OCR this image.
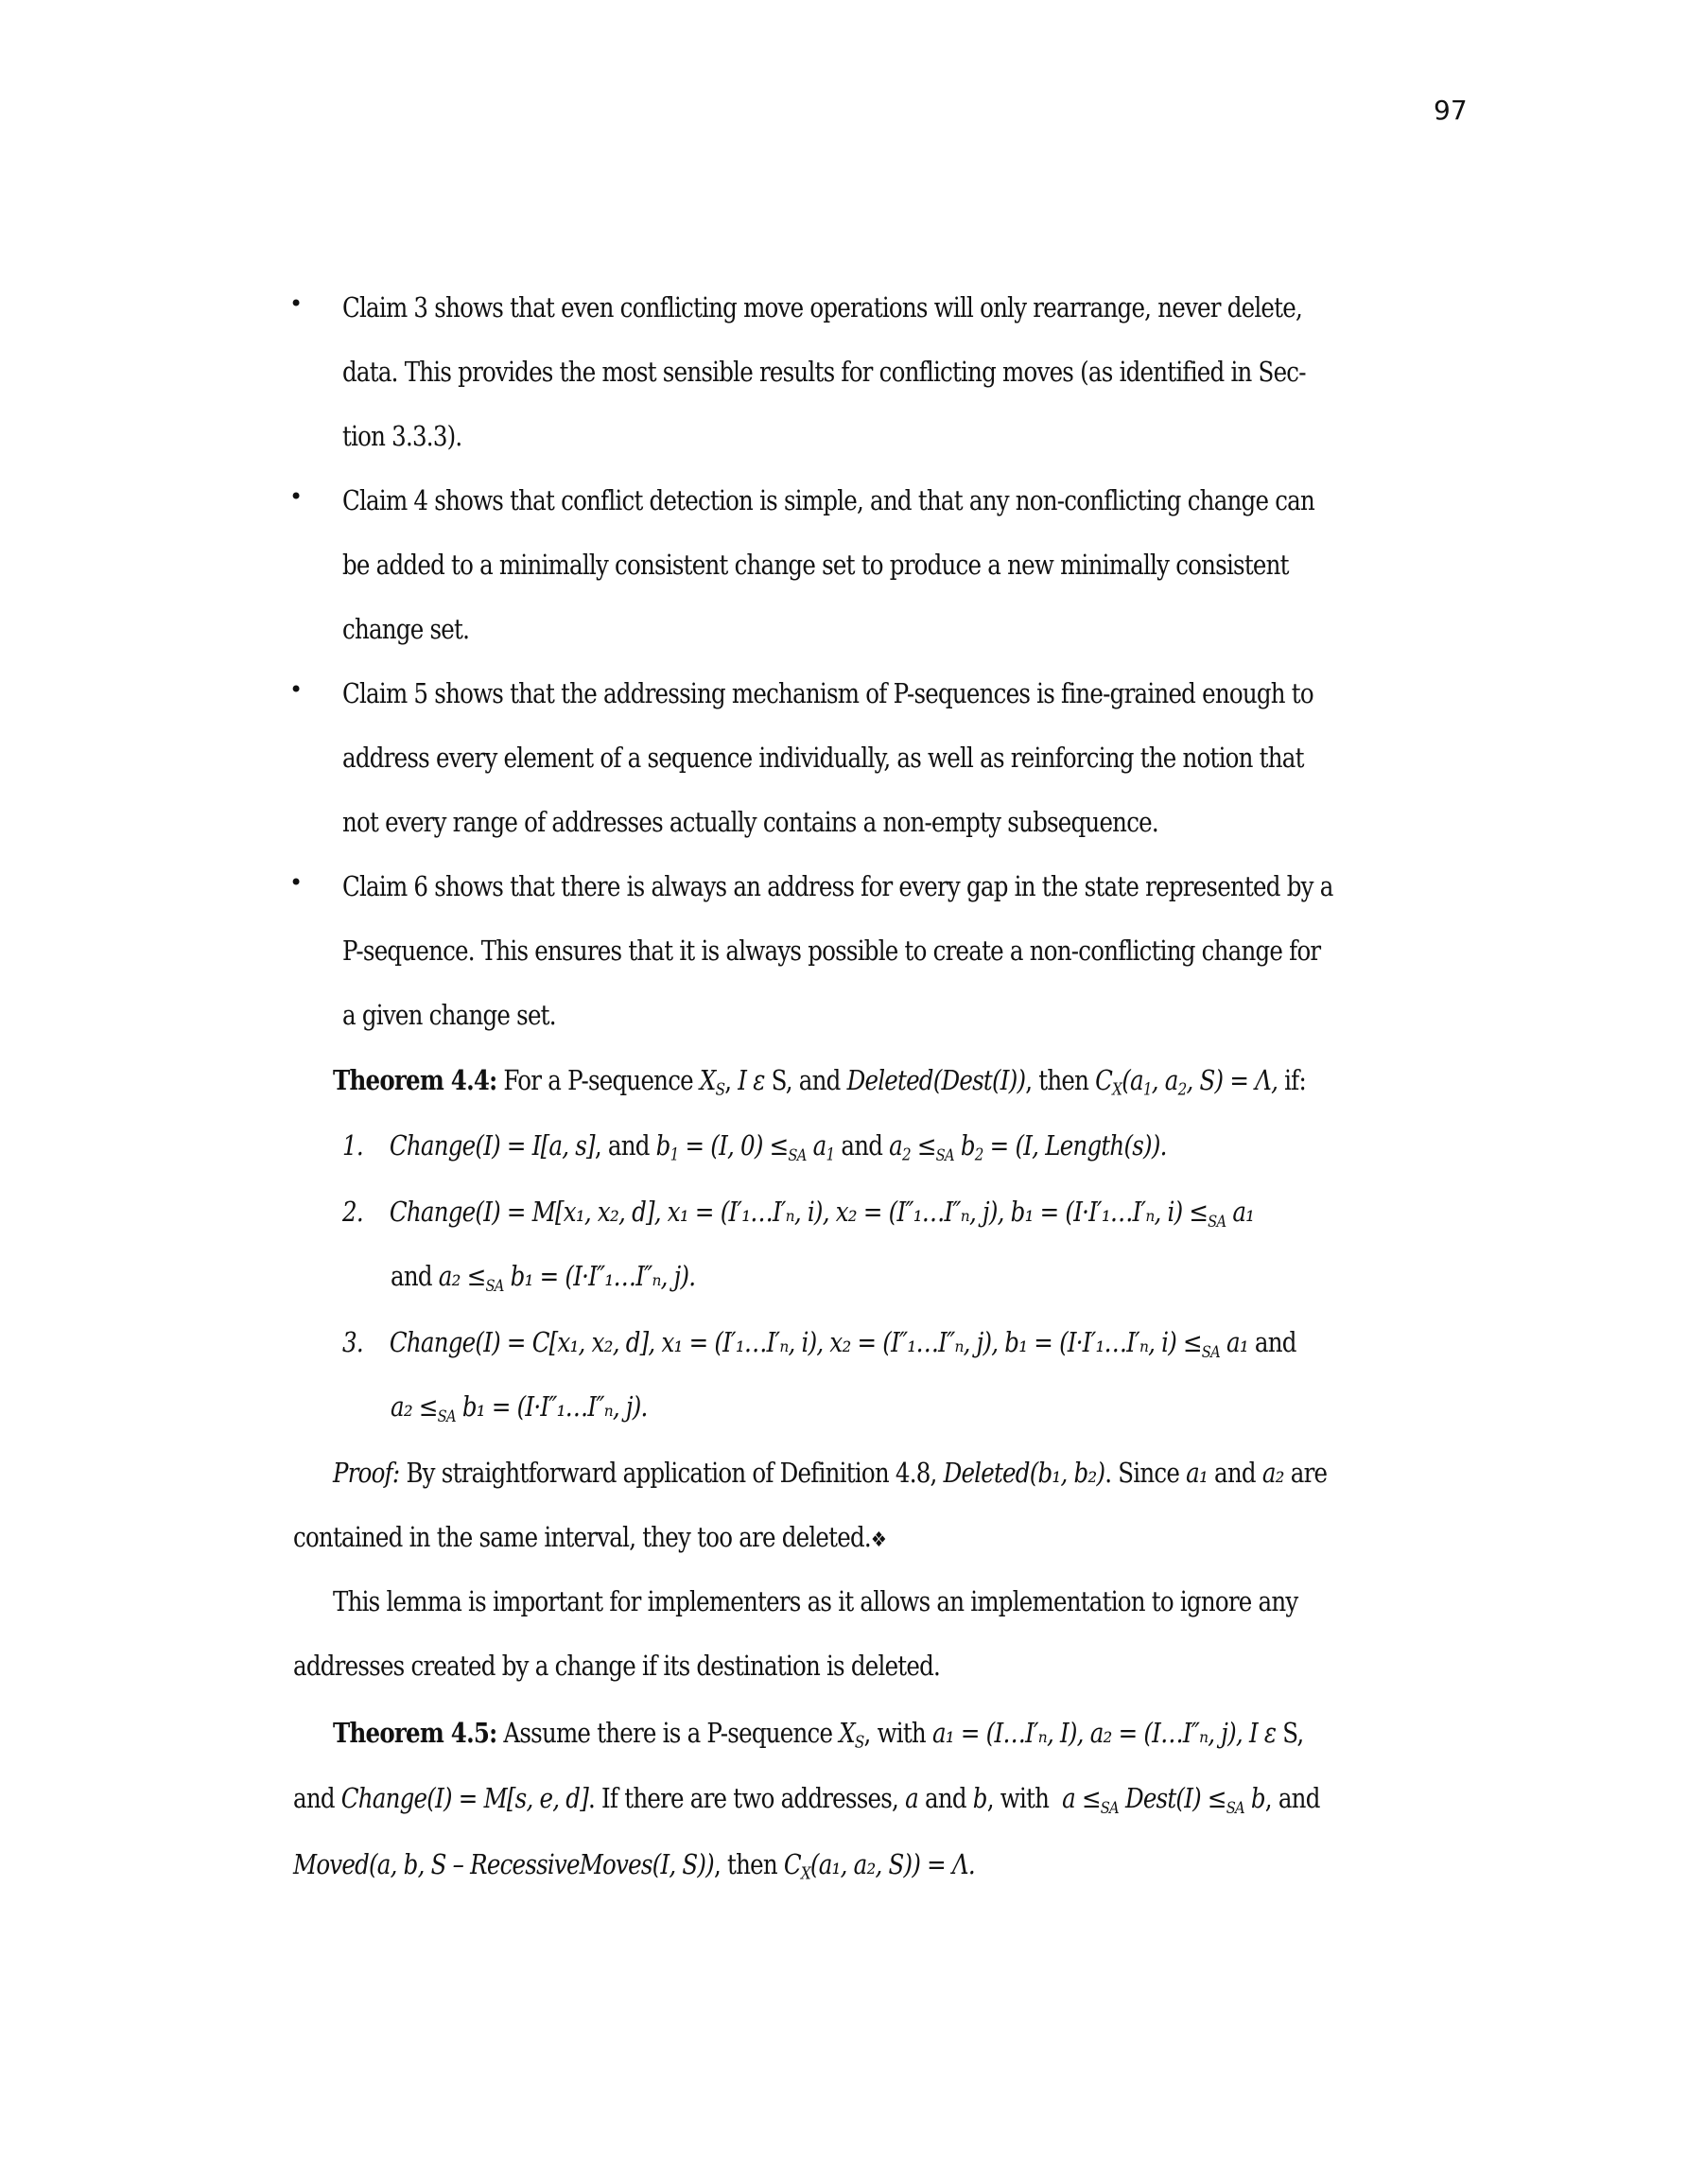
97
• Claim 3 shows that even conflicting move operations will only rearrange, never delete,
data. This provides the most sensible results for conflicting moves (as identified in Sec-
tion 3.3.3).
• Claim 4 shows that conflict detection is simple, and that any non-conflicting change can
be added to a minimally consistent change set to produce a new minimally consistent
change set.
• Claim 5 shows that the addressing mechanism of P-sequences is fine-grained enough to
address every element of a sequence individually, as well as reinforcing the notion that
not every range of addresses actually contains a non-empty subsequence.
• Claim 6 shows that there is always an address for every gap in the state represented by a
P-sequence. This ensures that it is always possible to create a non-conflicting change for
a given change set.
Theorem 4.4: For a P-sequence $X_S$, I ε S, and Deleted(Dest(I)), then $C_X(a_1$, $a_2$, S) = Λ, if:
1. Change(I) = I[a, s], and $b_1 = (I$, $0) \le_{SA}$ $a_1$ and $a_2 \le_{SA}$ $b_2 = (I$, Length(s)).
2. Change(I) = M[x₁, x₂, d], x₁ = (I′₁…I′ₙ, i), x₂ = (I″₁…I″ₙ, j), b₁ = (I·I′₁…I′ₙ, $i) \le_{SA}$ a₁
and $a_2 \le_{SA}$ b₁ = (I·I″₁…I″ₙ, j).
3. Change(I) = C[x₁, x₂, d], x₁ = (I′₁…I′ₙ, i), x₂ = (I″₁…I″ₙ, j), b₁ = (I·I′₁…I′ₙ, $i) \le_{SA}$ a₁ and
$a_2 \le_{SA}$ b₁ = (I·I″₁…I″ₙ, j).
Proof: By straightforward application of Definition 4.8, Deleted(b₁, b₂). Since a₁ and a₂ are
contained in the same interval, they too are deleted.❖
This lemma is important for implementers as it allows an implementation to ignore any
addresses created by a change if its destination is deleted.
Theorem 4.5: Assume there is a P-sequence $X_S$, with a₁ = (I…I′ₙ, I), a₂ = (I…I″ₙ, j), I ε S,
and Change(I) = M[s, e, d]. If there are two addresses, a and b, with $a \le_{SA}$ Dest(I) $\le_{SA}$ b, and
Moved(a, b, S – RecessiveMoves(I, S)), then $C_X(a_1$, a₂, S)) = Λ.
